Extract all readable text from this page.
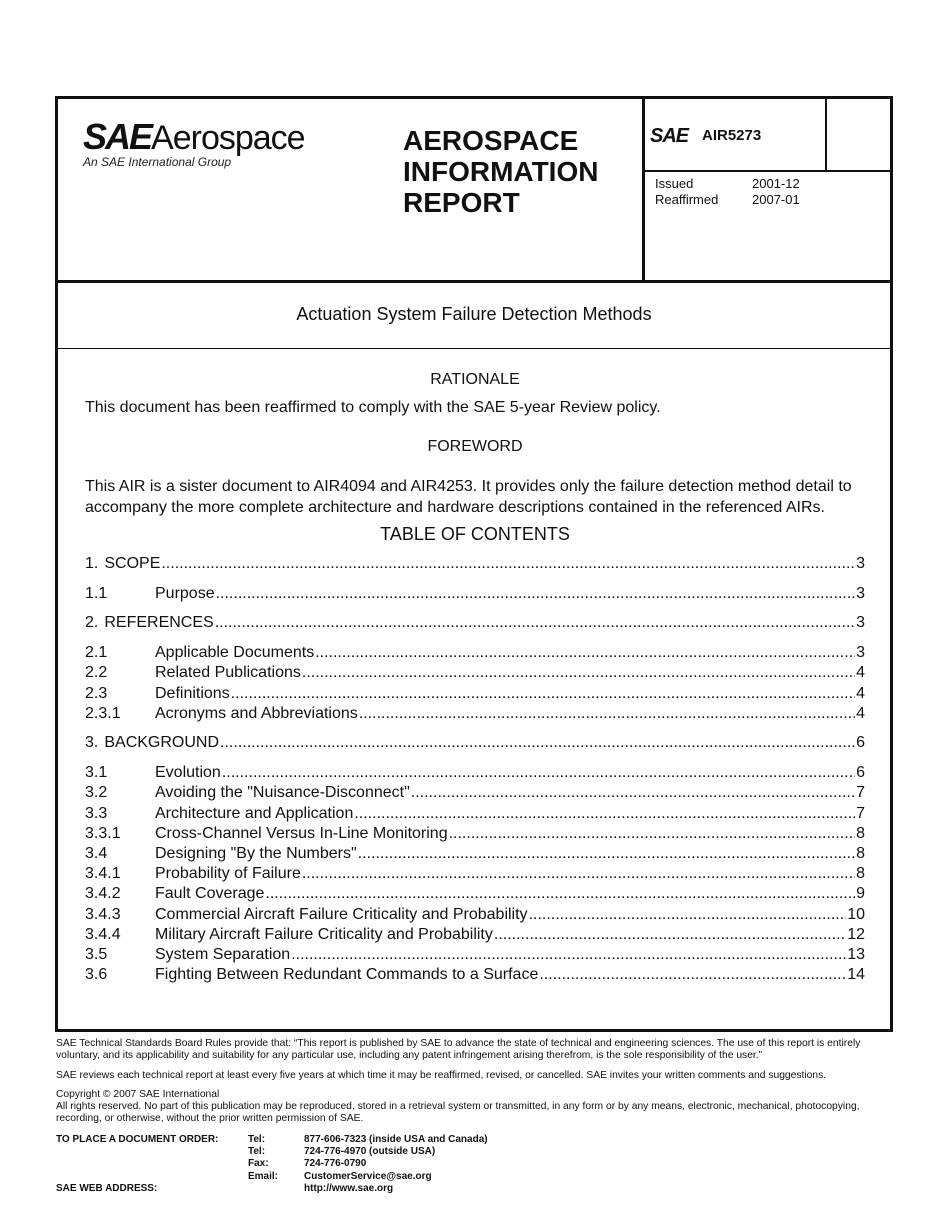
SAEAerospace
An SAE International Group
AEROSPACE
INFORMATION
REPORT
SAE AIR5273
Issued	2001-12
Reaffirmed	2007-01
Actuation System Failure Detection Methods
RATIONALE
This document has been reaffirmed to comply with the SAE 5-year Review policy.
FOREWORD
This AIR is a sister document to AIR4094 and AIR4253. It provides only the failure detection method detail to accompany the more complete architecture and hardware descriptions contained in the referenced AIRs.
TABLE OF CONTENTS
1. SCOPE .....	3
1.1	Purpose .....	3
2. REFERENCES .....	3
2.1	Applicable Documents .....	3
2.2	Related Publications .....	4
2.3	Definitions .....	4
2.3.1	Acronyms and Abbreviations .....	4
3. BACKGROUND .....	6
3.1	Evolution .....	6
3.2	Avoiding the "Nuisance-Disconnect" .....	7
3.3	Architecture and Application .....	7
3.3.1	Cross-Channel Versus In-Line Monitoring .....	8
3.4	Designing "By the Numbers" .....	8
3.4.1	Probability of Failure .....	8
3.4.2	Fault Coverage .....	9
3.4.3	Commercial Aircraft Failure Criticality and Probability .....	10
3.4.4	Military Aircraft Failure Criticality and Probability .....	12
3.5	System Separation .....	13
3.6	Fighting Between Redundant Commands to a Surface .....	14

SAE Technical Standards Board Rules provide that: “This report is published by SAE to advance the state of technical and engineering sciences. The use of this report is entirely voluntary, and its applicability and suitability for any particular use, including any patent infringement arising therefrom, is the sole responsibility of the user.”

SAE reviews each technical report at least every five years at which time it may be reaffirmed, revised, or cancelled. SAE invites your written comments and suggestions.

Copyright © 2007 SAE International
All rights reserved. No part of this publication may be reproduced, stored in a retrieval system or transmitted, in any form or by any means, electronic, mechanical, photocopying, recording, or otherwise, without the prior written permission of SAE.
TO PLACE A DOCUMENT ORDER:	Tel:	877-606-7323 (inside USA and Canada)
Tel:	724-776-4970 (outside USA)
Fax:	724-776-0790
Email:	CustomerService@sae.org
SAE WEB ADDRESS:	http://www.sae.org
